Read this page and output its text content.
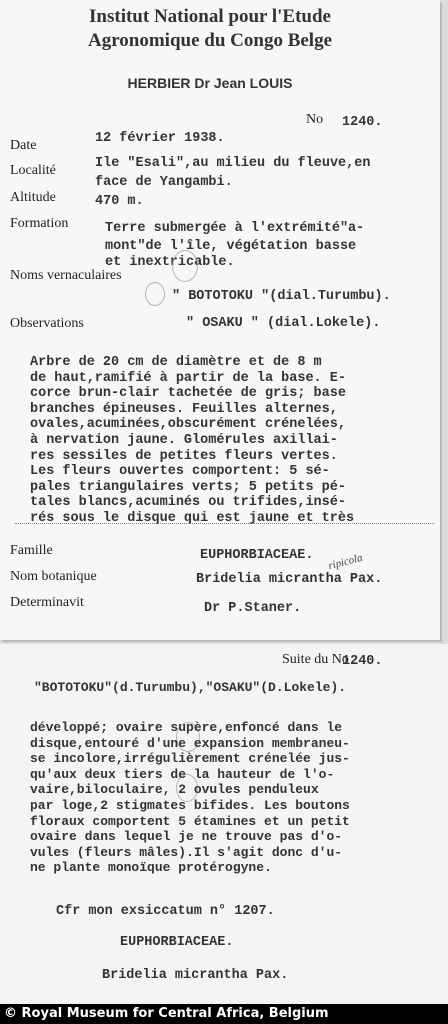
Institut National pour l'Etude
Agronomique du Congo Belge
HERBIER Dr Jean LOUIS
No 1240.
Date	12 février 1938.
Localité	Ile "Esali",au milieu du fleuve,en
face de Yangambi.
Altitude	470 m.
Formation	Terre submergée à l'extrémité"a-
mont"de l'île, végétation basse
et inextricable.
Noms vernaculaires
" BOTOTOKU "(dial.Turumbu).
Observations	" OSAKU " (dial.Lokele).
Arbre de 20 cm de diamètre et de 8 m
de haut,ramifié à partir de la base. E-
corce brun-clair tachetée de gris; base
branches épineuses. Feuilles alternes,
ovales,acuminées,obscurément crénelées,
à nervation jaune. Glomérules axillai-
res sessiles de petites fleurs vertes.
Les fleurs ouvertes comportent: 5 sé-
pales triangulaires verts; 5 petits pé-
tales blancs,acuminés ou trifides,insé-
rés sous le disque qui est jaune et très
Famille	EUPHORBIACEAE.
Nom botanique	Bridelia micrantha Pax.
ripicola
Determinavit	Dr P.Staner.
Suite du No
1240.
"BOTOTOKU"(d.Turumbu),"OSAKU"(D.Lokele).
développé; ovaire supère,enfoncé dans le
disque,entouré d'une expansion membraneu-
se incolore,irrégulièrement crénelée jus-
qu'aux deux tiers de la hauteur de l'o-
vaire,biloculaire, 2 ovules penduleux
par loge,2 stigmates bifides. Les boutons
floraux comportent 5 étamines et un petit
ovaire dans lequel je ne trouve pas d'o-
vules (fleurs mâles).Il s'agit donc d'u-
ne plante monoïque protérogyne.
Cfr mon exsiccatum n° 1207.
EUPHORBIACEAE.
Bridelia micrantha Pax.
© Royal Museum for Central Africa, Belgium
